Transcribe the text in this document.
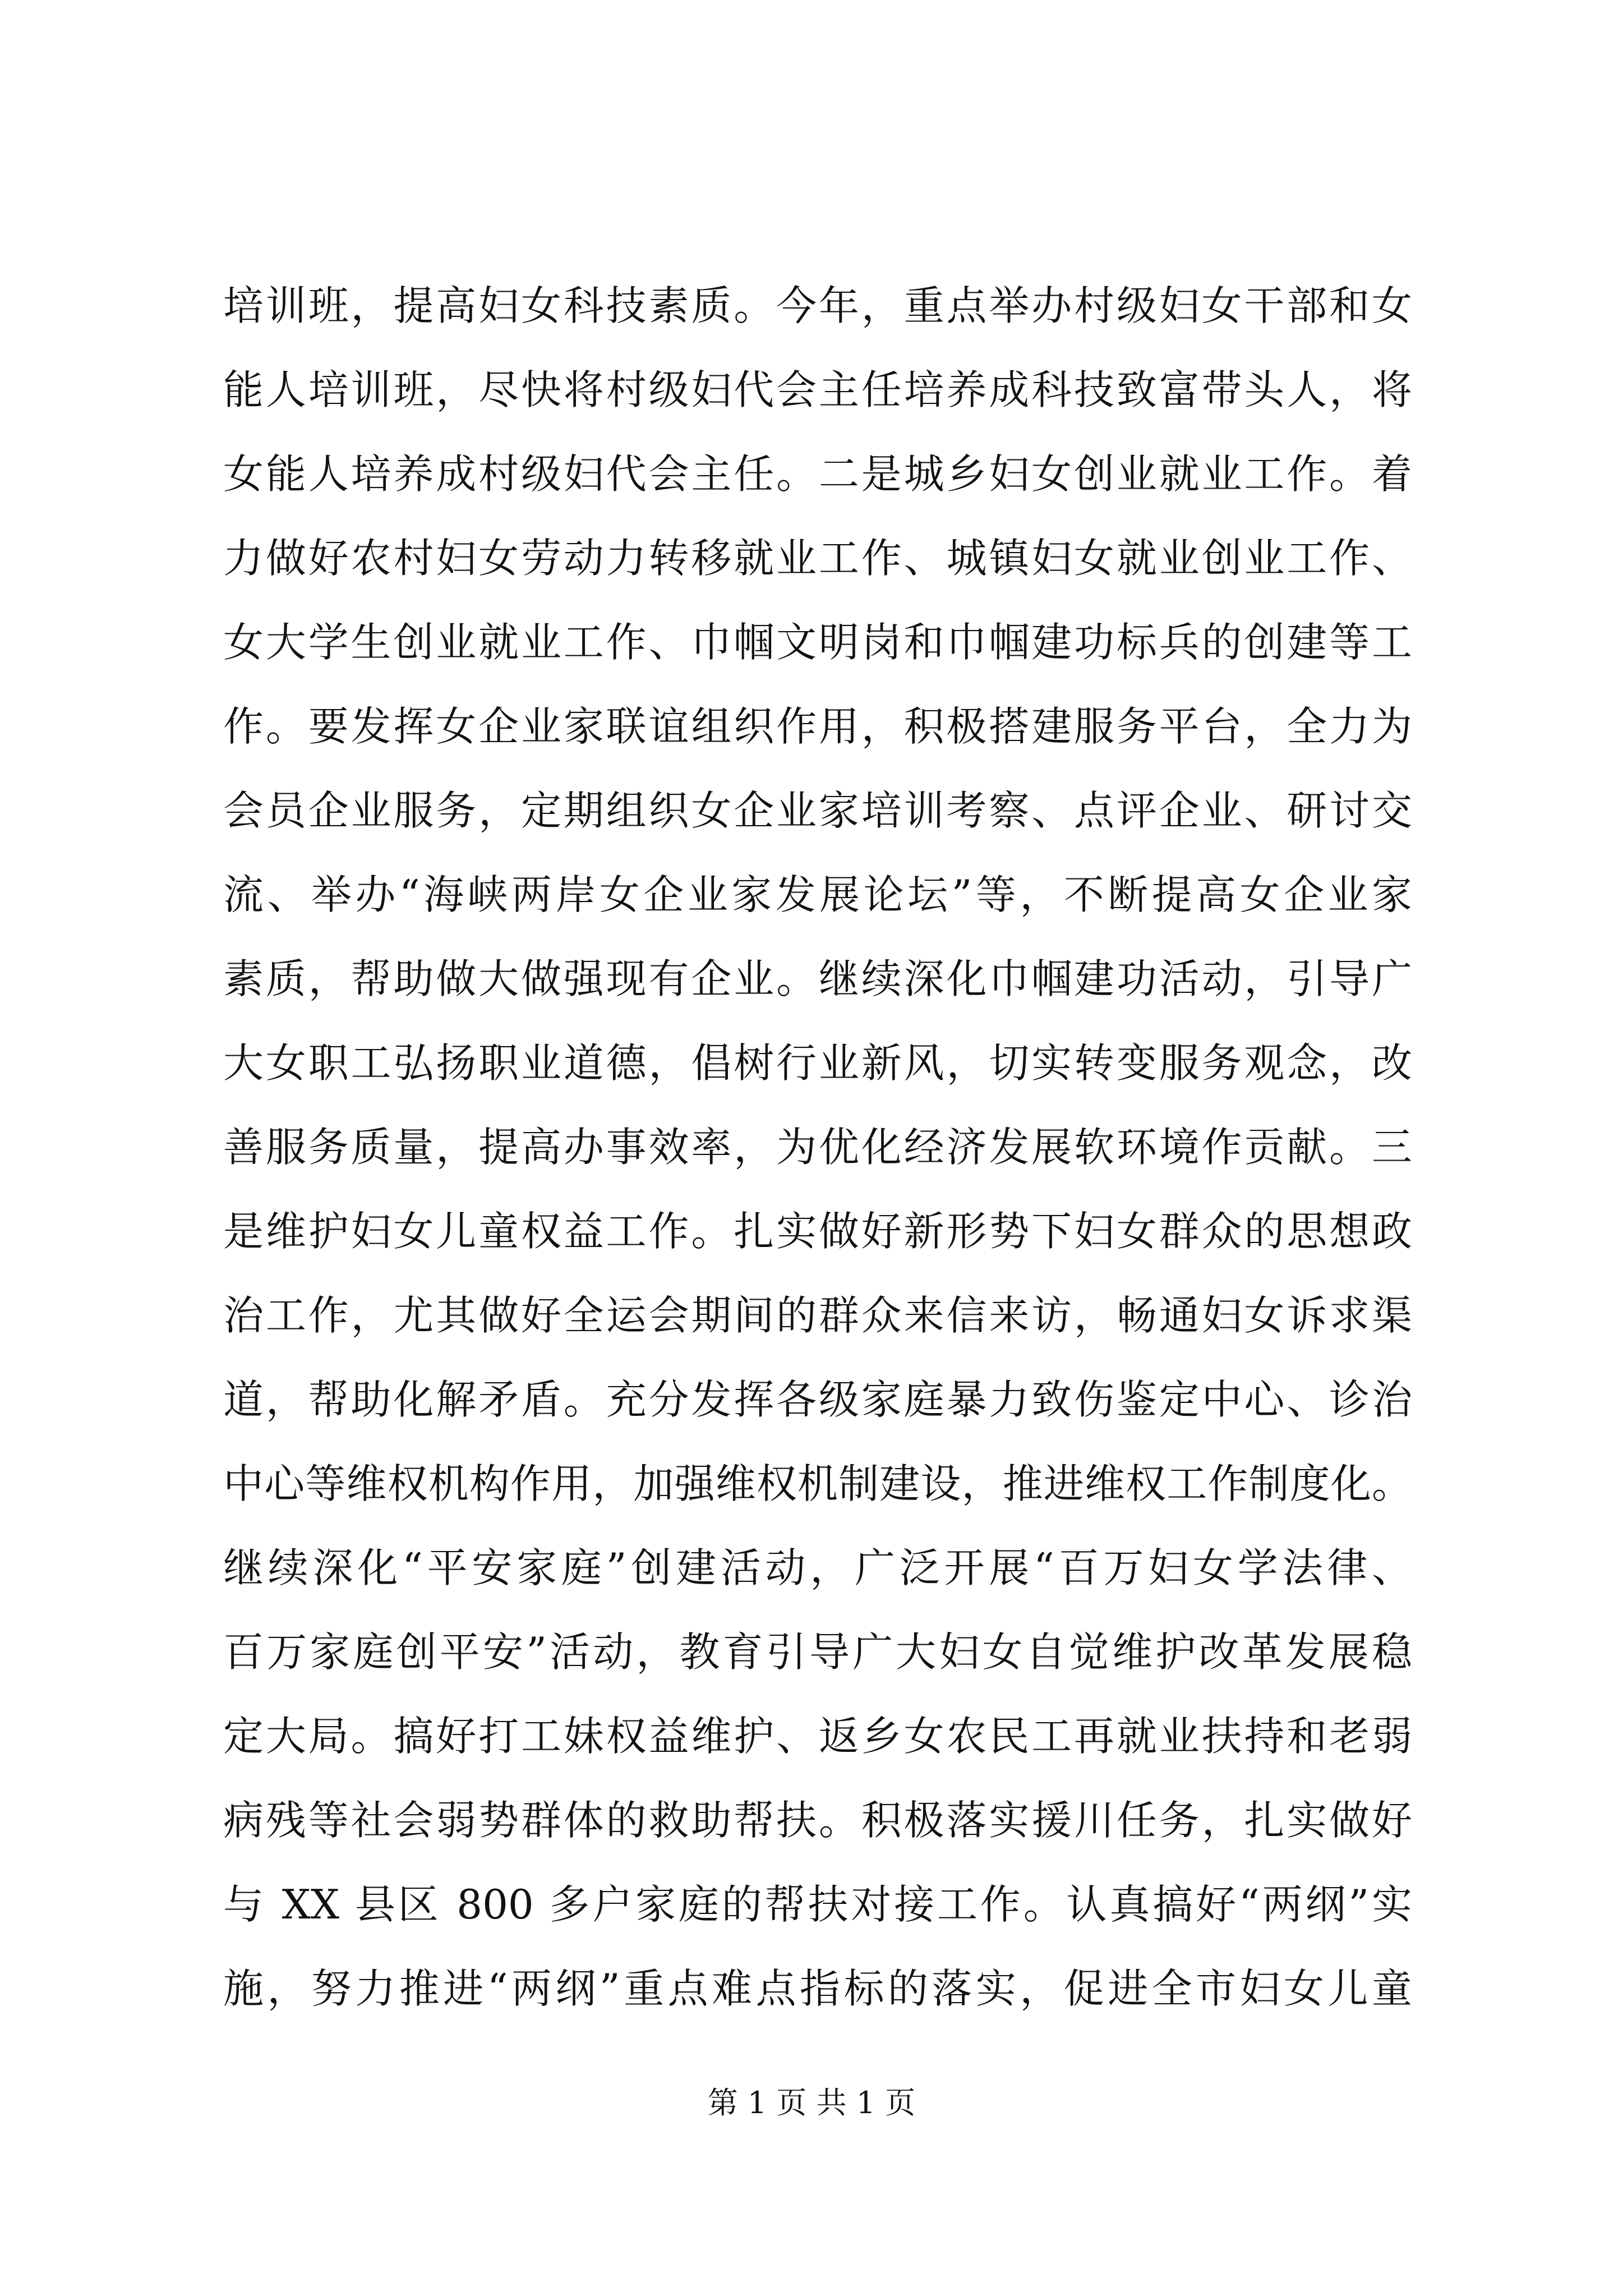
培训班，提高妇女科技素质。今年，重点举办村级妇女干部和女
能人培训班，尽快将村级妇代会主任培养成科技致富带头人，将
女能人培养成村级妇代会主任。二是城乡妇女创业就业工作。着
力做好农村妇女劳动力转移就业工作、城镇妇女就业创业工作、
女大学生创业就业工作、巾帼文明岗和巾帼建功标兵的创建等工
作。要发挥女企业家联谊组织作用，积极搭建服务平台，全力为
会员企业服务，定期组织女企业家培训考察、点评企业、研讨交
流、举办“海峡两岸女企业家发展论坛”等，不断提高女企业家
素质，帮助做大做强现有企业。继续深化巾帼建功活动，引导广
大女职工弘扬职业道德，倡树行业新风，切实转变服务观念，改
善服务质量，提高办事效率，为优化经济发展软环境作贡献。三
是维护妇女儿童权益工作。扎实做好新形势下妇女群众的思想政
治工作，尤其做好全运会期间的群众来信来访，畅通妇女诉求渠
道，帮助化解矛盾。充分发挥各级家庭暴力致伤鉴定中心、诊治
中心等维权机构作用，加强维权机制建设，推进维权工作制度化。
继续深化“平安家庭”创建活动，广泛开展“百万妇女学法律、
百万家庭创平安”活动，教育引导广大妇女自觉维护改革发展稳
定大局。搞好打工妹权益维护、返乡女农民工再就业扶持和老弱
病残等社会弱势群体的救助帮扶。积极落实援川任务，扎实做好
与 XX 县区 800 多户家庭的帮扶对接工作。认真搞好“两纲”实
施，努力推进“两纲”重点难点指标的落实，促进全市妇女儿童
第 1 页 共 1 页
